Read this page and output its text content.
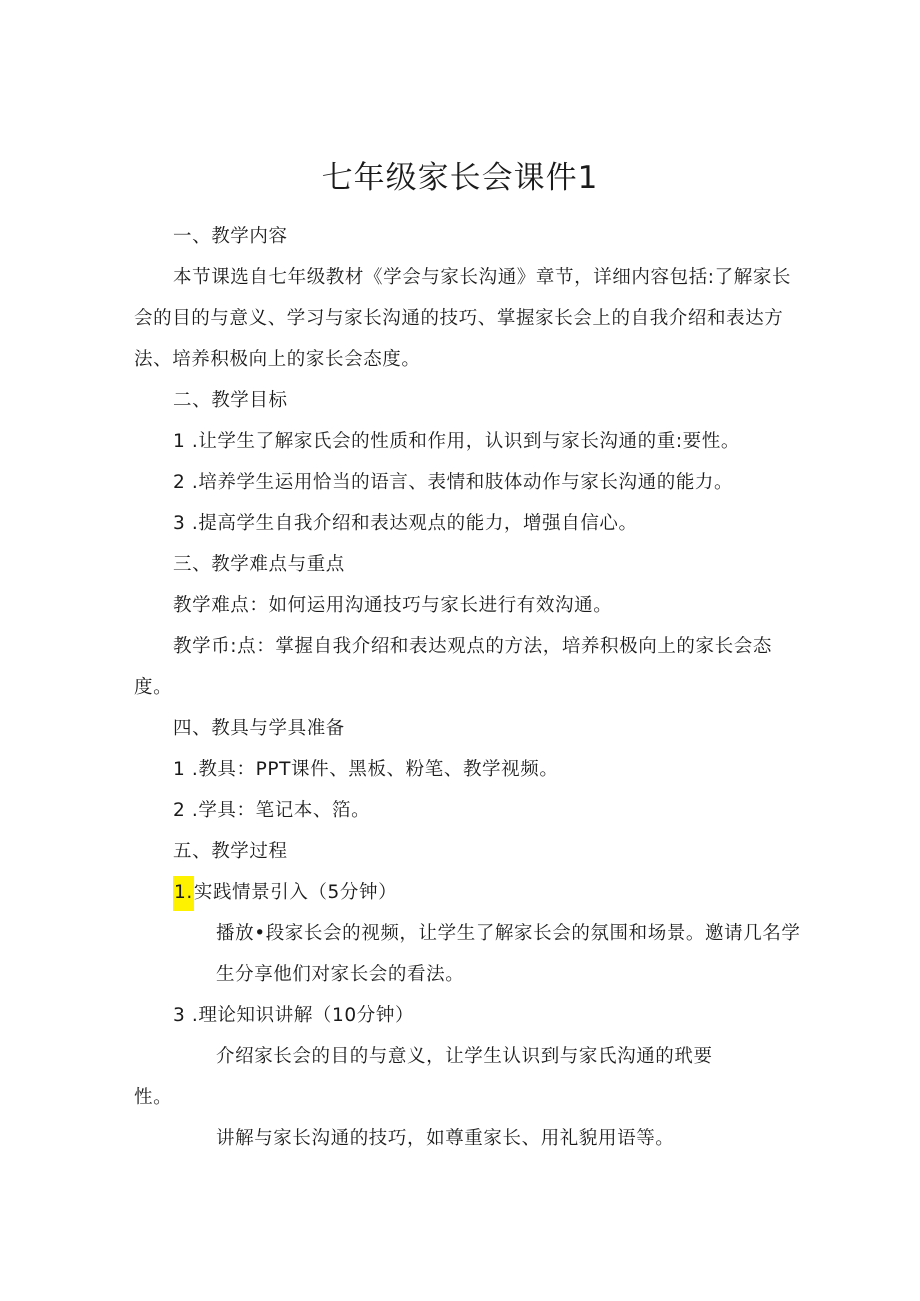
七年级家长会课件1
一、教学内容
本节课选自七年级教材《学会与家长沟通》章节，详细内容包括:了解家长
会的目的与意义、学习与家长沟通的技巧、掌握家长会上的自我介绍和表达方
法、培养积极向上的家长会态度。
二、教学目标
1 .让学生了解家氏会的性质和作用，认识到与家长沟通的重:要性。
2 .培养学生运用恰当的语言、表情和肢体动作与家长沟通的能力。
3 .提高学生自我介绍和表达观点的能力，增强自信心。
三、教学难点与重点
教学难点：如何运用沟通技巧与家长进行有效沟通。
教学币:点：掌握自我介绍和表达观点的方法，培养积极向上的家长会态
度。
四、教具与学具准备
1 .教具：PPT课件、黑板、粉笔、教学视频。
2 .学具：笔记本、箔。
五、教学过程
1.实践情景引入（5分钟）
播放•段家长会的视频，让学生了解家长会的氛围和场景。邀请几名学
生分享他们对家长会的看法。
3 .理论知识讲解（10分钟）
介绍家长会的目的与意义，让学生认识到与家氏沟通的玳要
性。
讲解与家长沟通的技巧，如尊重家长、用礼貌用语等。
